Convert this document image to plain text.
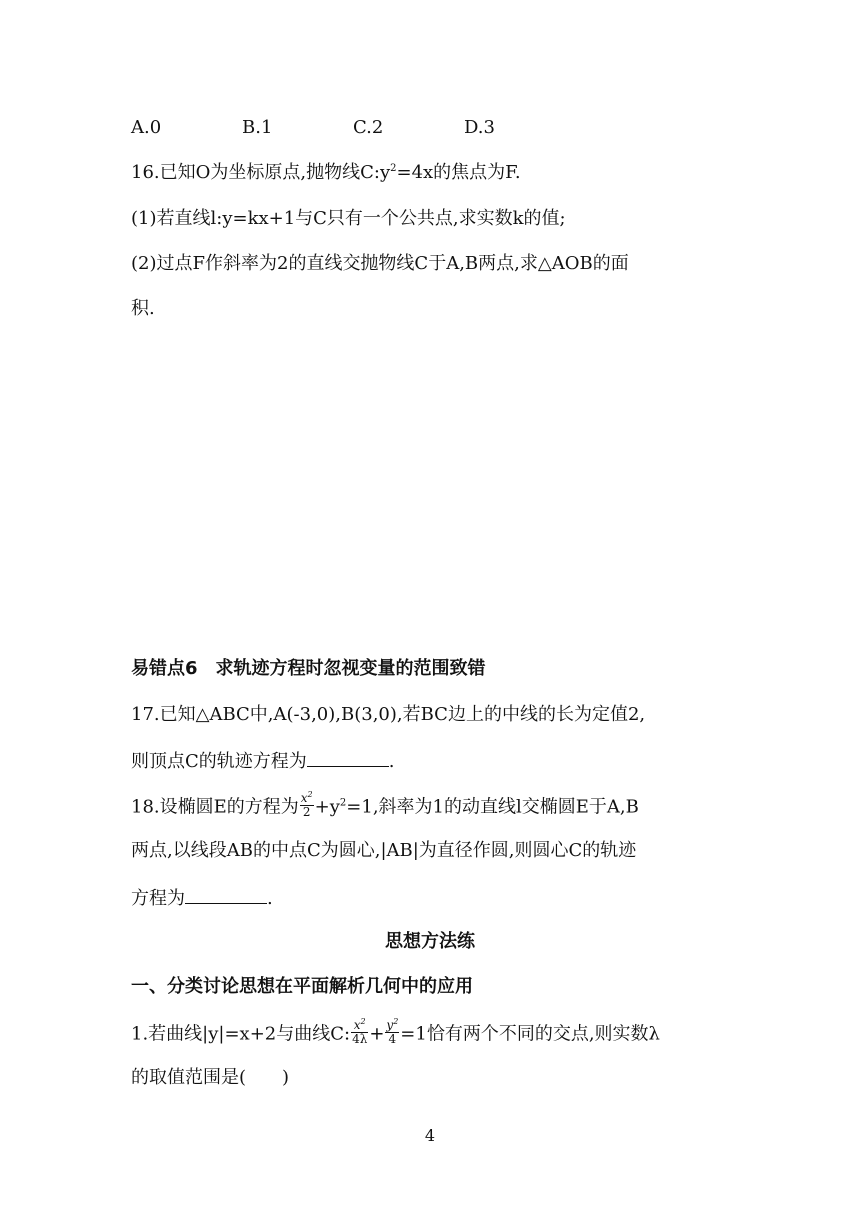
A.0	B.1	C.2	D.3
16.已知O为坐标原点,抛物线$C:y^2=4x$的焦点为F.
(1)若直线l:y=kx+1与C只有一个公共点,求实数k的值;
(2)过点F作斜率为2的直线交抛物线C于A,B两点,求△AOB的面
积.
易错点6　求轨迹方程时忽视变量的范围致错
17.已知△ABC中,A(-3,0),B(3,0),若BC边上的中线的长为定值2,
则顶点C的轨迹方程为	.
18.设椭圆E的方程为 $\frac{x^2}{2} +y^2=1$,斜率为1的动直线l交椭圆E于A,B
两点,以线段AB的中点C为圆心,|AB|为直径作圆,则圆心C的轨迹
方程为	.
思想方法练
一、分类讨论思想在平面解析几何中的应用
1.若曲线|y|=x+2与曲线C: $\frac{x^2}{4\lambda} + \frac{y^2}{4} =1$恰有两个不同的交点,则实数λ
的取值范围是(　　)
4
